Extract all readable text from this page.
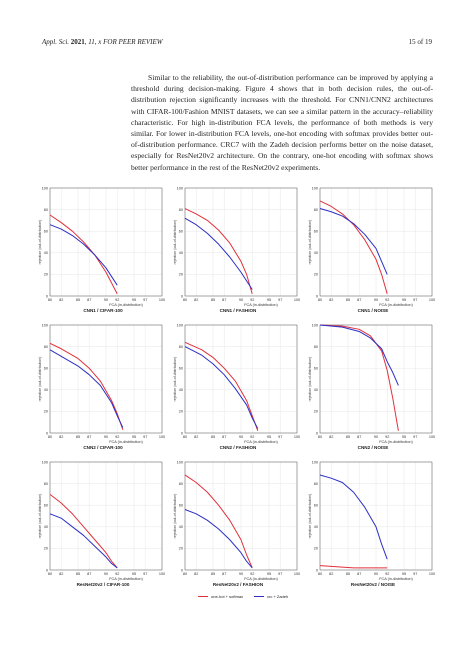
Appl. Sci. 2021, 11, x FOR PEER REVIEW	15 of 19

Similar to the reliability, the out-of-distribution performance can be improved by applying a threshold during decision-making. Figure 4 shows that in both decision rules, the out-of-distribution rejection significantly increases with the threshold. For CNN1/CNN2 architectures with CIFAR-100/Fashion MNIST datasets, we can see a similar pattern in the accuracy–reliability characteristic. For high in-distribution FCA levels, the performance of both methods is very similar. For lower in-distribution FCA levels, one-hot encoding with softmax provides better out-of-distribution performance. CRC7 with the Zadeh decision performs better on the noise dataset, especially for ResNet20v2 architecture. On the contrary, one-hot encoding with softmax shows better performance in the rest of the ResNet20v2 experiments.

0
20
40
60
80
100
80 82	85 87	90 92	95 97	100
FCA (in-distribution)
rejection (out-of-distribution)
CNN1 / CIFAR-100
0
20
40
60
80
100
80 82	85 87	90 92	95 97	100
FCA (in-distribution)
rejection (out-of-distribution)
CNN1 / FASHION
0
20
40
60
80
100
80 82	85 87	90 92	95 97	100
FCA (in-distribution)
rejection (out-of-distribution)
CNN1 / NOISE
0
20
40
60
80
100
80 82	85 87	90 92	95 97	100
FCA (in-distribution)
rejection (out-of-distribution)
CNN2 / CIFAR-100
0
20
40
60
80
100
80 82	85 87	90 92	95 97	100
FCA (in-distribution)
rejection (out-of-distribution)
CNN2 / FASHION
0
20
40
60
80
100
80 82	85 87	90 92	95 97	100
FCA (in-distribution)
rejection (out-of-distribution)
CNN2 / NOISE
0
20
40
60
80
100
80 82	85 87	90 92	95 97	100
FCA (in-distribution)
rejection (out-of-distribution)
ResNet20v2 / CIFAR-100
0
20
40
60
80
100
80 82	85 87	90 92	95 97	100
FCA (in-distribution)
rejection (out-of-distribution)
ResNet20v2 / FASHION
0
20
40
60
80
100
80 82	85 87	90 92	95 97	100
FCA (in-distribution)
rejection (out-of-distribution)
ResNet20v2 / NOISE
one-hot + softmax	crc + Zadeh
